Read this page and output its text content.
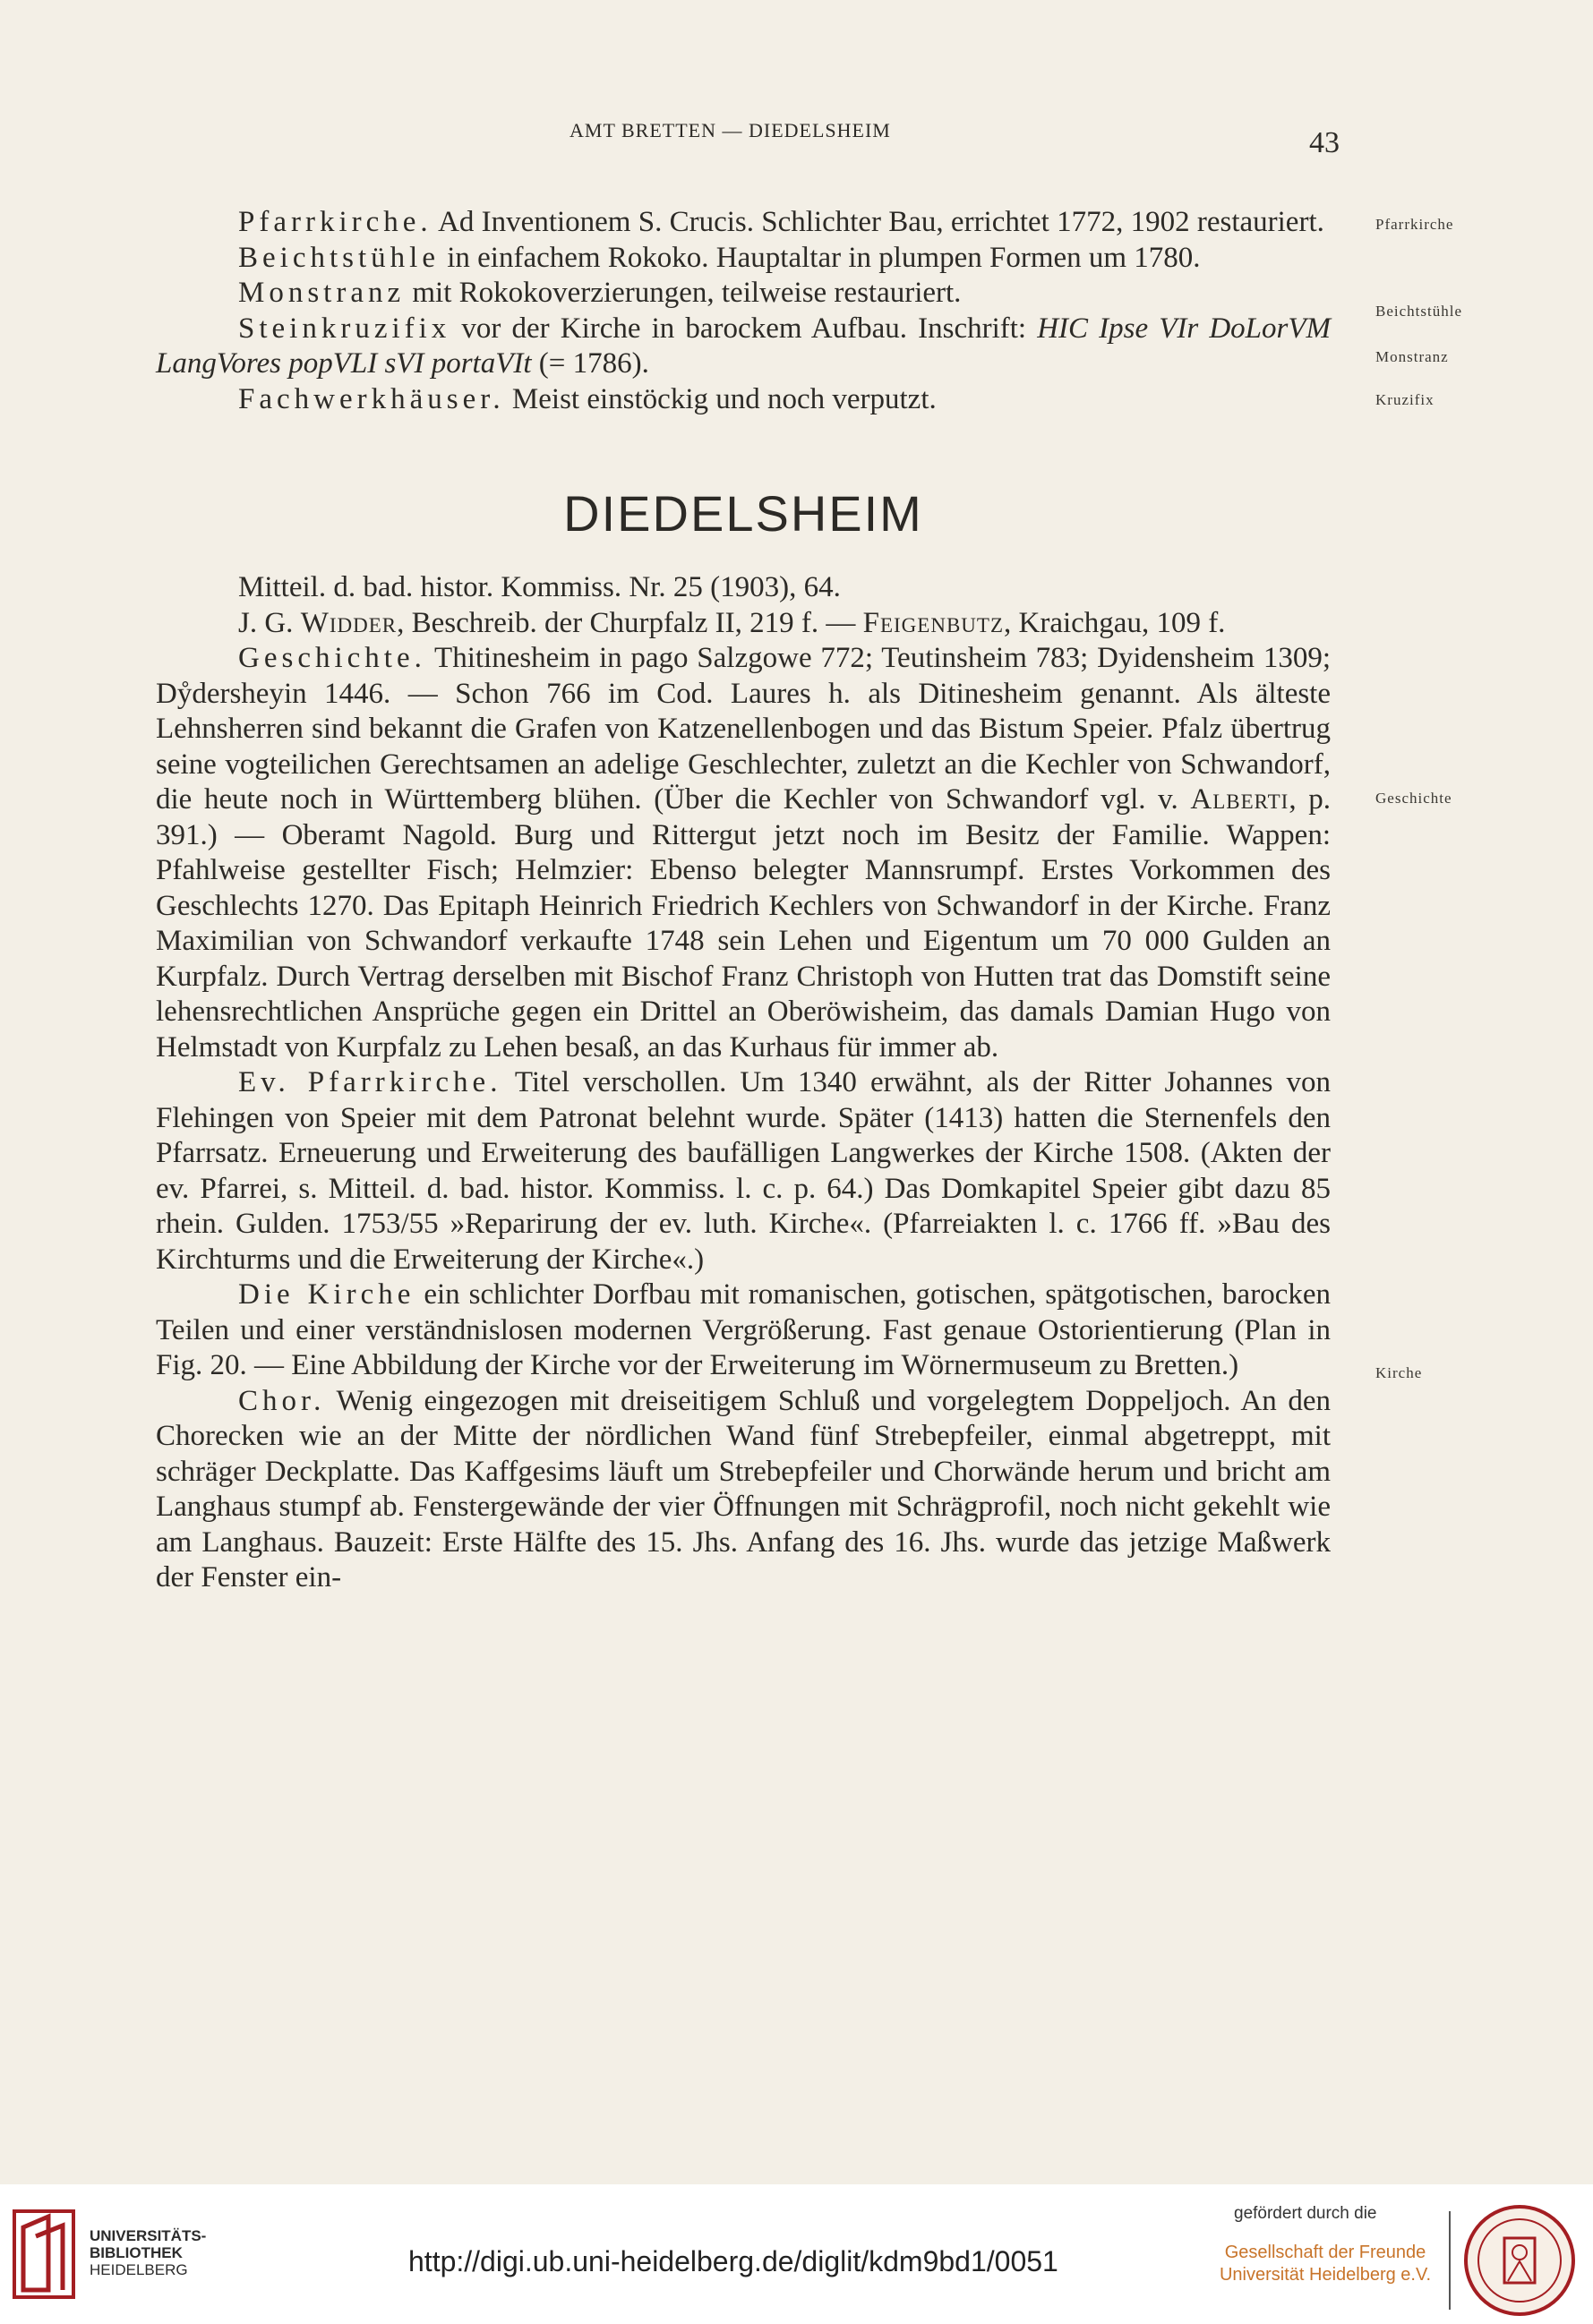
AMT BRETTEN — DIEDELSHEIM	43
Pfarrkirche
Beichtstühle
Monstranz
Kruzifix
Geschichte
Kirche

Pfarrkirche. Ad Inventionem S. Crucis. Schlichter Bau, errichtet 1772, 1902 restauriert.

Beichtstühle in einfachem Rokoko. Hauptaltar in plumpen Formen um 1780.

Monstranz mit Rokokoverzierungen, teilweise restauriert.

Steinkruzifix vor der Kirche in barockem Aufbau. Inschrift: HIC Ipse VIr DoLorVM LangVores popVLI sVI portaVIt (= 1786).

Fachwerkhäuser. Meist einstöckig und noch verputzt.

DIEDELSHEIM

Mitteil. d. bad. histor. Kommiss. Nr. 25 (1903), 64.

J. G. Widder, Beschreib. der Churpfalz II, 219 f. — Feigenbutz, Kraichgau, 109 f.

Geschichte. Thitinesheim in pago Salzgowe 772; Teutinsheim 783; Dyidensheim 1309; Dẙdersheyin 1446. — Schon 766 im Cod. Laures h. als Ditinesheim genannt. Als älteste Lehnsherren sind bekannt die Grafen von Katzenellenbogen und das Bistum Speier. Pfalz übertrug seine vogteilichen Gerechtsamen an adelige Geschlechter, zuletzt an die Kechler von Schwandorf, die heute noch in Württemberg blühen. (Über die Kechler von Schwandorf vgl. v. Alberti, p. 391.) — Oberamt Nagold. Burg und Rittergut jetzt noch im Besitz der Familie. Wappen: Pfahlweise gestellter Fisch; Helmzier: Ebenso belegter Mannsrumpf. Erstes Vorkommen des Geschlechts 1270. Das Epitaph Heinrich Friedrich Kechlers von Schwandorf in der Kirche. Franz Maximilian von Schwandorf verkaufte 1748 sein Lehen und Eigentum um 70 000 Gulden an Kurpfalz. Durch Vertrag derselben mit Bischof Franz Christoph von Hutten trat das Domstift seine lehensrechtlichen Ansprüche gegen ein Drittel an Oberöwisheim, das damals Damian Hugo von Helmstadt von Kurpfalz zu Lehen besaß, an das Kurhaus für immer ab.

Ev. Pfarrkirche. Titel verschollen. Um 1340 erwähnt, als der Ritter Johannes von Flehingen von Speier mit dem Patronat belehnt wurde. Später (1413) hatten die Sternenfels den Pfarrsatz. Erneuerung und Erweiterung des baufälligen Langwerkes der Kirche 1508. (Akten der ev. Pfarrei, s. Mitteil. d. bad. histor. Kommiss. l. c. p. 64.) Das Domkapitel Speier gibt dazu 85 rhein. Gulden. 1753/55 »Reparirung der ev. luth. Kirche«. (Pfarreiakten l. c. 1766 ff. »Bau des Kirchturms und die Erweiterung der Kirche«.)

Die Kirche ein schlichter Dorfbau mit romanischen, gotischen, spätgotischen, barocken Teilen und einer verständnislosen modernen Vergrößerung. Fast genaue Ostorientierung (Plan in Fig. 20. — Eine Abbildung der Kirche vor der Erweiterung im Wörnermuseum zu Bretten.)

Chor. Wenig eingezogen mit dreiseitigem Schluß und vorgelegtem Doppeljoch. An den Chorecken wie an der Mitte der nördlichen Wand fünf Strebepfeiler, einmal abgetreppt, mit schräger Deckplatte. Das Kaffgesims läuft um Strebepfeiler und Chorwände herum und bricht am Langhaus stumpf ab. Fenstergewände der vier Öffnungen mit Schrägprofil, noch nicht gekehlt wie am Langhaus. Bauzeit: Erste Hälfte des 15. Jhs. Anfang des 16. Jhs. wurde das jetzige Maßwerk der Fenster ein-

UNIVERSITÄTS-
BIBLIOTHEK
HEIDELBERG	http://digi.ub.uni-heidelberg.de/diglit/kdm9bd1/0051
gefördert durch die
Gesellschaft der Freunde
Universität Heidelberg e.V.
